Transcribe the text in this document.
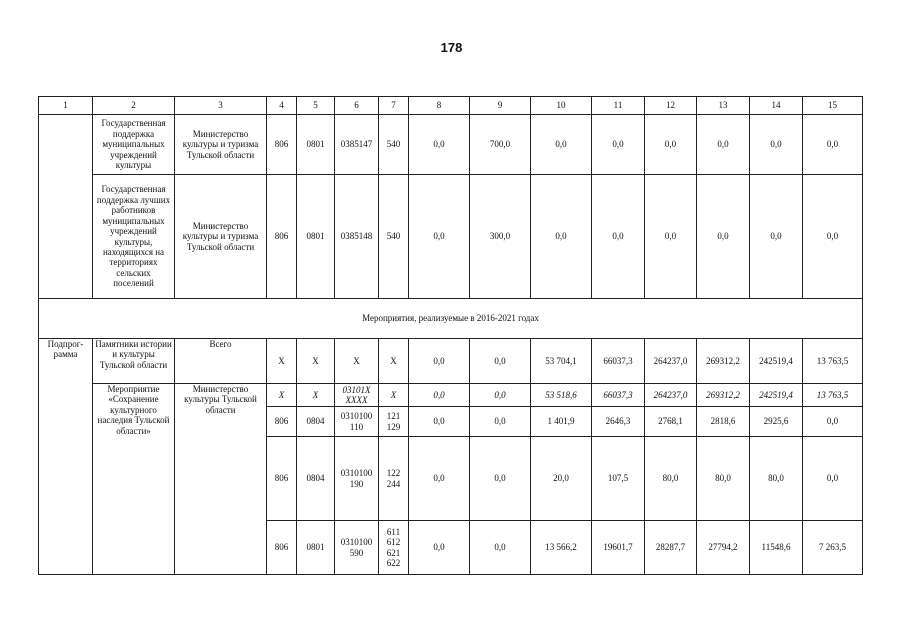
178
1	2	3	4	5	6	7	8	9	10	11	12	13	14	15
	Государственная поддержка муниципальных учреждений культуры	Министерство культуры и туризма Тульской области	806	0801	0385147	540	0,0	700,0	0,0	0,0	0,0	0,0	0,0	0,0
	Государственная поддержка лучших работников муниципальных учреждений культуры, находящихся на территориях сельских поселений	Министерство культуры и туризма Тульской области	806	0801	0385148	540	0,0	300,0	0,0	0,0	0,0	0,0	0,0	0,0
Мероприятия, реализуемые в 2016-2021 годах														
Подпрог-рамма	Памятники истории и культуры Тульской области	Всего	X	X	X	X	0,0	0,0	53 704,1	66037,3	264237,0	269312,2	242519,4	13 763,5
	Мероприятие «Сохранение культурного наследия Тульской области»	Министерство культуры Тульской области	X	X	03101X XXXX	X	0,0	0,0	53 518,6	66037,3	264237,0	269312,2	242519,4	13 763,5
			806	0804	0310100 110	121 129	0,0	0,0	1 401,9	2646,3	2768,1	2818,6	2925,6	0,0
			806	0804	0310100 190	122 244	0,0	0,0	20,0	107,5	80,0	80,0	80,0	0,0
			806	0801	0310100 590	611 612 621 622	0,0	0,0	13 566,2	19601,7	28287,7	27794,2	11548,6	7 263,5
